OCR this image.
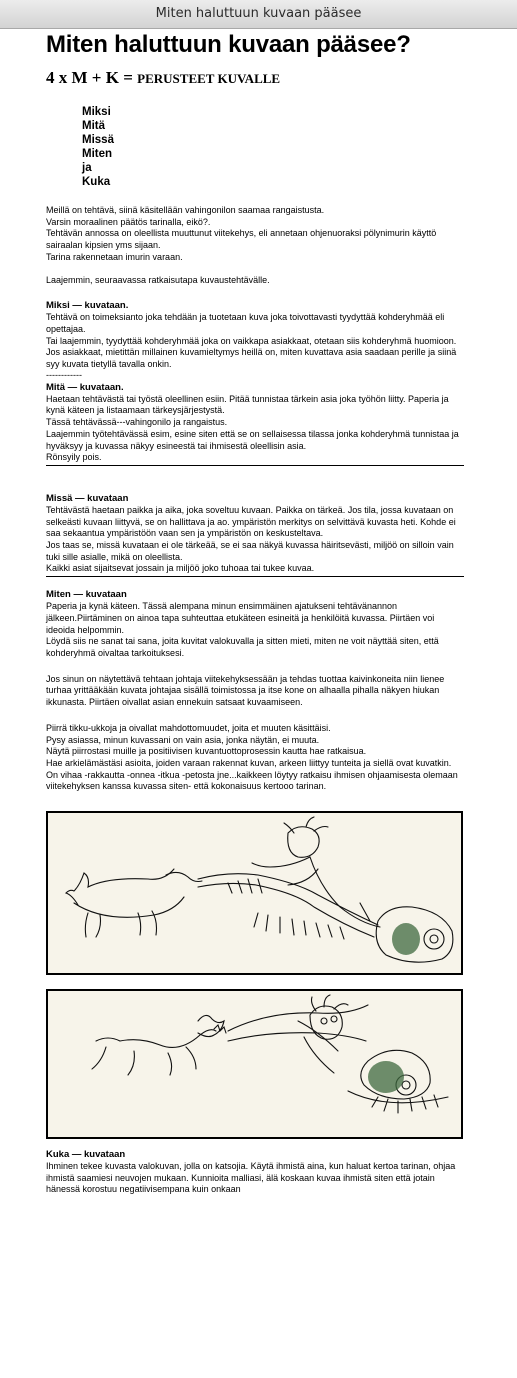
Miten haluttuun kuvaan pääsee
Miten haluttuun kuvaan pääsee?
4 x M + K = PERUSTEET KUVALLE
Miksi
Mitä
Missä
Miten
ja
Kuka

Meillä on tehtävä, siinä käsitellään vahingonilon saamaa rangaistusta.

Varsin moraalinen päätös tarinalla, eikö?.

Tehtävän annossa on oleellista muuttunut viitekehys, eli annetaan ohjenuoraksi pölynimurin käyttö sairaalan kipsien yms sijaan.

Tarina rakennetaan imurin varaan.

Laajemmin, seuraavassa ratkaisutapa kuvaustehtävälle.

Miksi — kuvataan.

Tehtävä on toimeksianto joka tehdään ja tuotetaan kuva joka toivottavasti tyydyttää kohderyhmää eli opettajaa.

Tai laajemmin, tyydyttää kohderyhmää joka on vaikkapa asiakkaat, otetaan siis kohderyhmä huomioon. Jos asiakkaat, mietittän millainen kuvamieltymys heillä on, miten kuvattava asia saadaan perille ja siinä syy kuvata tietyllä tavalla onkin.

------------

Mitä — kuvataan.

Haetaan tehtävästä tai työstä oleellinen esiin. Pitää tunnistaa tärkein asia joka työhön liitty. Paperia ja kynä käteen ja listaamaan tärkeysjärjestystä.

Tässä tehtävässä---vahingonilo ja rangaistus.

Laajemmin työtehtävässä esim, esine siten että se on sellaisessa tilassa jonka kohderyhmä tunnistaa ja hyväksyy ja kuvassa näkyy esineestä tai ihmisestä oleellisin asia.

Rönsyily pois.

Missä — kuvataan

Tehtävästä haetaan paikka ja aika, joka soveltuu kuvaan. Paikka on tärkeä. Jos tila, jossa kuvataan on selkeästi kuvaan liittyvä, se on hallittava ja ao. ympäristön merkitys on selvittävä kuvasta heti. Kohde ei saa sekaantua ympäristöön vaan sen ja ympäristön on keskusteltava.

Jos taas se, missä kuvataan ei ole tärkeää, se ei saa näkyä kuvassa häiritsevästi, miljöö on silloin vain tuki sille asialle, mikä on oleellista.

Kaikki asiat sijaitsevat jossain ja miljöö joko tuhoaa tai tukee kuvaa.

Miten — kuvataan

Paperia ja kynä käteen. Tässä alempana minun ensimmäinen ajatukseni tehtävänannon jälkeen.Piirtäminen on ainoa tapa suhteuttaa etukäteen esineitä ja henkilöitä kuvassa. Piirtäen voi ideoida helpommin.

Löydä siis ne sanat tai sana, joita kuvitat valokuvalla ja sitten mieti, miten ne voit näyttää siten, että kohderyhmä oivaltaa tarkoituksesi.

Jos sinun on näytettävä tehtaan johtaja viitekehyksessään ja tehdas tuottaa kaivinkoneita niin lienee turhaa yrittääkään kuvata johtajaa sisällä toimistossa ja itse kone on alhaalla pihalla näkyen hiukan ikkunasta. Piirtäen oivallat asian ennekuin satsaat kuvaamiseen.

Piirrä tikku-ukkoja ja oivallat mahdottomuudet, joita et muuten käsittäisi.

Pysy asiassa, minun kuvassani on vain asia, jonka näytän, ei muuta.

Näytä piirrostasi muille ja positiivisen kuvantuottoprosessin kautta hae ratkaisua.

Hae arkielämästäsi asioita, joiden varaan rakennat kuvan, arkeen liittyy tunteita ja siellä ovat kuvatkin. On vihaa -rakkautta -onnea -itkua -petosta jne...kaikkeen löytyy ratkaisu ihmisen ohjaamisesta olemaan viitekehyksen kanssa kuvassa siten- että kokonaisuus kertooo tarinan.

Kuka — kuvataan

Ihminen tekee kuvasta valokuvan, jolla on katsojia. Käytä ihmistä aina, kun haluat kertoa tarinan, ohjaa ihmistä saamiesi neuvojen mukaan. Kunnioita malliasi, älä koskaan kuvaa ihmistä siten että jotain hänessä korostuu negatiivisempana kuin onkaan
